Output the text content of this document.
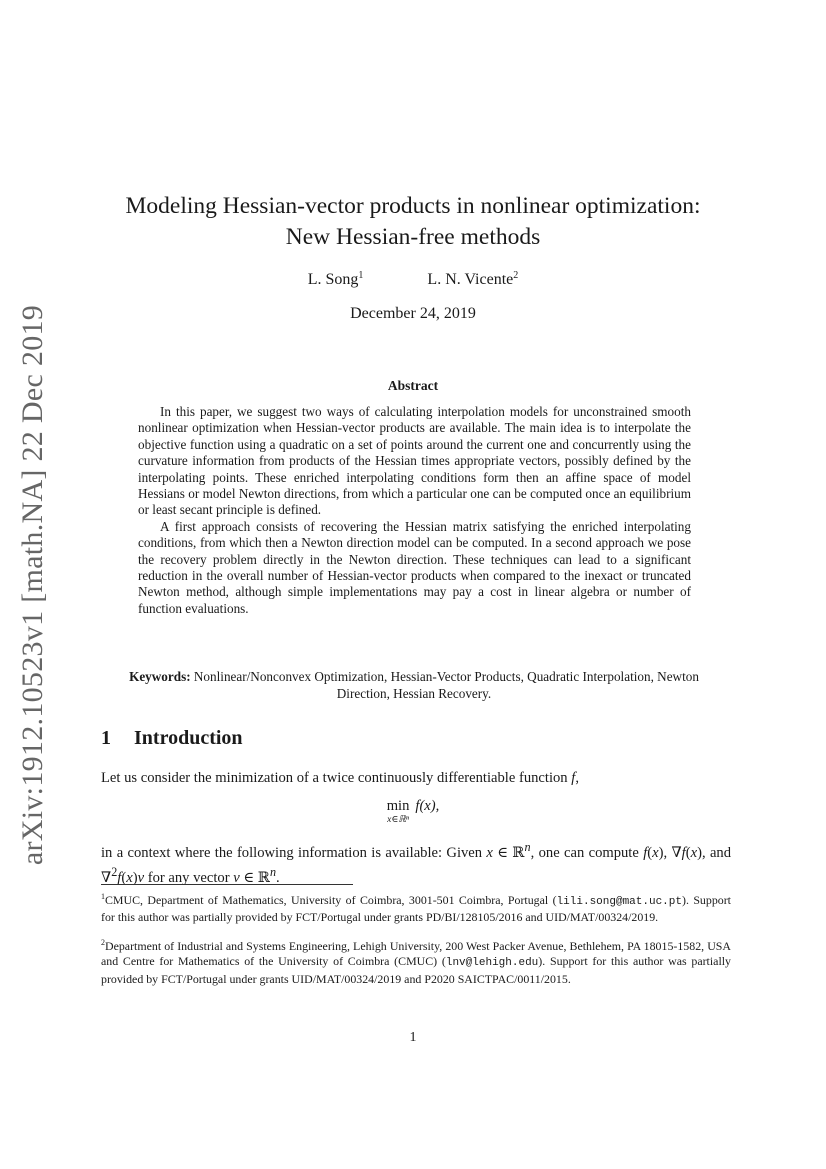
arXiv:1912.10523v1 [math.NA] 22 Dec 2019
Modeling Hessian-vector products in nonlinear optimization:
New Hessian-free methods
L. Song$^1$	L. N. Vicente$^2$
December 24, 2019
Abstract

In this paper, we suggest two ways of calculating interpolation models for unconstrained smooth nonlinear optimization when Hessian-vector products are available. The main idea is to interpolate the objective function using a quadratic on a set of points around the current one and concurrently using the curvature information from products of the Hessian times appropriate vectors, possibly defined by the interpolating points. These enriched interpolating conditions form then an affine space of model Hessians or model Newton directions, from which a particular one can be computed once an equilibrium or least secant principle is defined.

A first approach consists of recovering the Hessian matrix satisfying the enriched interpolating conditions, from which then a Newton direction model can be computed. In a second approach we pose the recovery problem directly in the Newton direction. These techniques can lead to a significant reduction in the overall number of Hessian-vector products when compared to the inexact or truncated Newton method, although simple implementations may pay a cost in linear algebra or number of function evaluations.

Keywords: Nonlinear/Nonconvex Optimization, Hessian-Vector Products, Quadratic Interpolation, Newton Direction, Hessian Recovery.
1 Introduction
Let us consider the minimization of a twice continuously differentiable function f,
min
x∈ℝⁿ
f(x),
in a context where the following information is available: Given x ∈ ℝ$^n$, one can compute f(x), ∇f(x), and ∇$^2$f(x)v for any vector v ∈ ℝ$^n$.
$^1$CMUC, Department of Mathematics, University of Coimbra, 3001-501 Coimbra, Portugal (lili.song@mat.uc.pt). Support for this author was partially provided by FCT/Portugal under grants PD/BI/128105/2016 and UID/MAT/00324/2019.
$^2$Department of Industrial and Systems Engineering, Lehigh University, 200 West Packer Avenue, Bethlehem, PA 18015-1582, USA and Centre for Mathematics of the University of Coimbra (CMUC) (lnv@lehigh.edu). Support for this author was partially provided by FCT/Portugal under grants UID/MAT/00324/2019 and P2020 SAICTPAC/0011/2015.
1
